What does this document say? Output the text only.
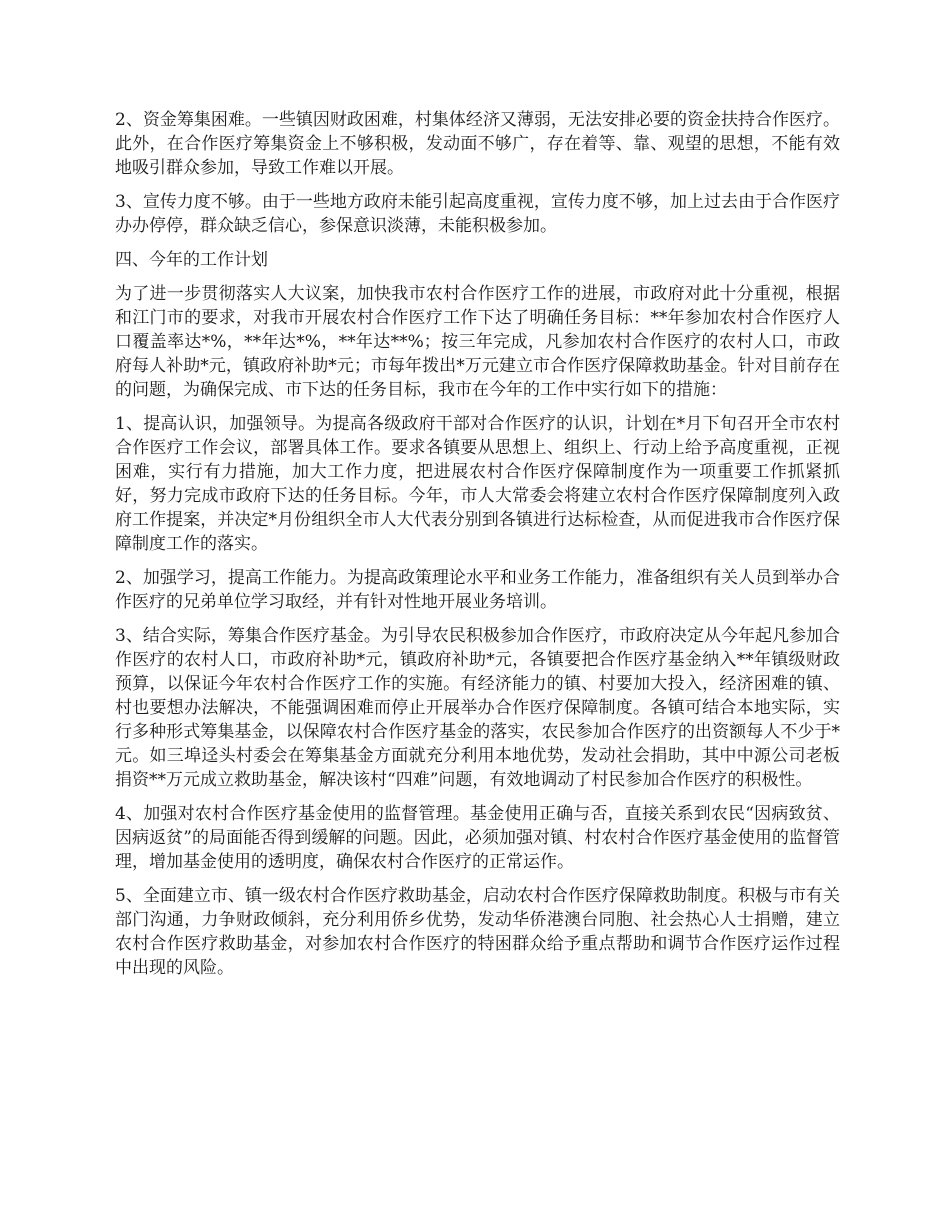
2、资金筹集困难。一些镇因财政困难，村集体经济又薄弱，无法安排必要的资金扶持合作医疗。此外，在合作医疗筹集资金上不够积极，发动面不够广，存在着等、靠、观望的思想，不能有效地吸引群众参加，导致工作难以开展。

3、宣传力度不够。由于一些地方政府未能引起高度重视，宣传力度不够，加上过去由于合作医疗办办停停，群众缺乏信心，参保意识淡薄，未能积极参加。

四、今年的工作计划

为了进一步贯彻落实人大议案，加快我市农村合作医疗工作的进展，市政府对此十分重视，根据和江门市的要求，对我市开展农村合作医疗工作下达了明确任务目标：**年参加农村合作医疗人口覆盖率达*%，**年达*%，**年达**%；按三年完成，凡参加农村合作医疗的农村人口，市政府每人补助*元，镇政府补助*元；市每年拨出*万元建立市合作医疗保障救助基金。针对目前存在的问题，为确保完成、市下达的任务目标，我市在今年的工作中实行如下的措施：

1、提高认识，加强领导。为提高各级政府干部对合作医疗的认识，计划在*月下旬召开全市农村合作医疗工作会议，部署具体工作。要求各镇要从思想上、组织上、行动上给予高度重视，正视困难，实行有力措施，加大工作力度，把进展农村合作医疗保障制度作为一项重要工作抓紧抓好，努力完成市政府下达的任务目标。今年，市人大常委会将建立农村合作医疗保障制度列入政府工作提案，并决定*月份组织全市人大代表分别到各镇进行达标检查，从而促进我市合作医疗保障制度工作的落实。

2、加强学习，提高工作能力。为提高政策理论水平和业务工作能力，准备组织有关人员到举办合作医疗的兄弟单位学习取经，并有针对性地开展业务培训。

3、结合实际，筹集合作医疗基金。为引导农民积极参加合作医疗，市政府决定从今年起凡参加合作医疗的农村人口，市政府补助*元，镇政府补助*元，各镇要把合作医疗基金纳入**年镇级财政预算，以保证今年农村合作医疗工作的实施。有经济能力的镇、村要加大投入，经济困难的镇、村也要想办法解决，不能强调困难而停止开展举办合作医疗保障制度。各镇可结合本地实际，实行多种形式筹集基金，以保障农村合作医疗基金的落实，农民参加合作医疗的出资额每人不少于*元。如三埠迳头村委会在筹集基金方面就充分利用本地优势，发动社会捐助，其中中源公司老板捐资**万元成立救助基金，解决该村“四难”问题，有效地调动了村民参加合作医疗的积极性。

4、加强对农村合作医疗基金使用的监督管理。基金使用正确与否，直接关系到农民“因病致贫、因病返贫”的局面能否得到缓解的问题。因此，必须加强对镇、村农村合作医疗基金使用的监督管理，增加基金使用的透明度，确保农村合作医疗的正常运作。

5、全面建立市、镇一级农村合作医疗救助基金，启动农村合作医疗保障救助制度。积极与市有关部门沟通，力争财政倾斜，充分利用侨乡优势，发动华侨港澳台同胞、社会热心人士捐赠，建立农村合作医疗救助基金，对参加农村合作医疗的特困群众给予重点帮助和调节合作医疗运作过程中出现的风险。
